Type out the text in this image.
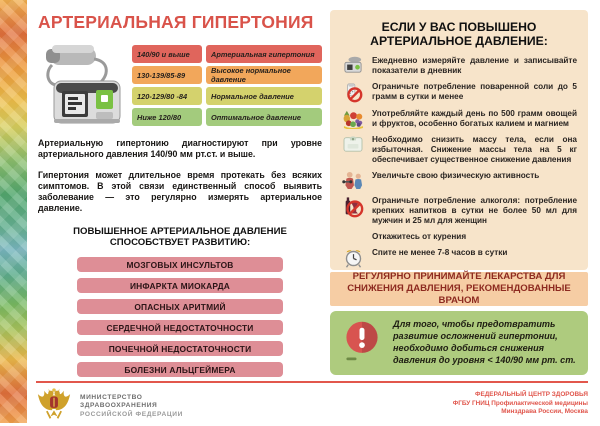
АРТЕРИАЛЬНАЯ ГИПЕРТОНИЯ
140/90 и выше	Артериальная гипертония
130-139/85-89	Высокое нормальное давление
120-129/80 -84	Нормальное давление
Ниже 120/80	Оптимальное давление

Артериальную гипертонию диагностируют при уровне артериального давления 140/90 мм рт.ст. и выше.

Гипертония может длительное время протекать без всяких симптомов. В этой связи единственный способ выявить заболевание — это регулярно измерять артериальное давление.

ПОВЫШЕННОЕ АРТЕРИАЛЬНОЕ ДАВЛЕНИЕ СПОСОБСТВУЕТ РАЗВИТИЮ:
МОЗГОВЫХ ИНСУЛЬТОВ
ИНФАРКТА МИОКАРДА
ОПАСНЫХ АРИТМИЙ
СЕРДЕЧНОЙ НЕДОСТАТОЧНОСТИ
ПОЧЕЧНОЙ НЕДОСТАТОЧНОСТИ
БОЛЕЗНИ АЛЬЦГЕЙМЕРА
ЕСЛИ У ВАС ПОВЫШЕНО АРТЕРИАЛЬНОЕ ДАВЛЕНИЕ:
Ежедневно измеряйте давление и записывайте показатели в дневник
Ограничьте потребление поваренной соли до 5 грамм в сутки и менее
Употребляйте каждый день по 500 грамм овощей и фруктов, особенно богатых калием и магнием
Необходимо снизить массу тела, если она избыточная. Снижение массы тела на 5 кг обеспечивает существенное снижение давления
Увеличьте свою физическую активность
Ограничьте потребление алкоголя: потребление крепких напитков в сутки не более 50 мл для мужчин и 25 мл для женщин
Откажитесь от курения
Спите не менее 7-8 часов в сутки
РЕГУЛЯРНО ПРИНИМАЙТЕ ЛЕКАРСТВА ДЛЯ СНИЖЕНИЯ ДАВЛЕНИЯ, РЕКОМЕНДОВАННЫЕ ВРАЧОМ
Для того, чтобы предотвратить развитие осложнений гипертонии, необходимо добиться снижения давления до уровня < 140/90 мм рт. ст.
МИНИСТЕРСТВО
ЗДРАВООХРАНЕНИЯ
РОССИЙСКОЙ ФЕДЕРАЦИИ
ФЕДЕРАЛЬНЫЙ ЦЕНТР ЗДОРОВЬЯ
ФГБУ ГНИЦ Профилактической медицины
Минздрава России, Москва
